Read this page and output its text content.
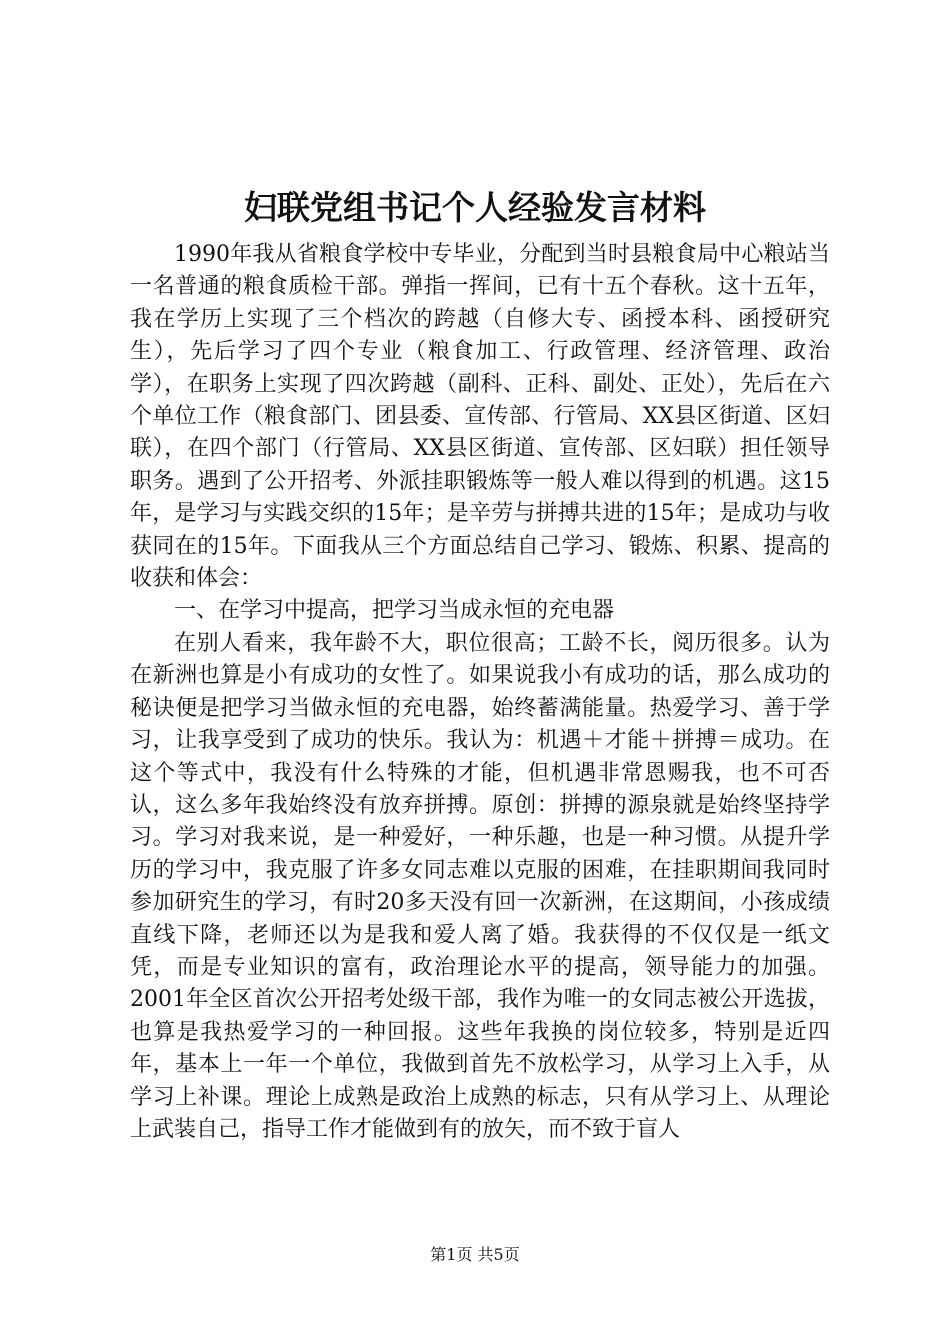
妇联党组书记个人经验发言材料

1990年我从省粮食学校中专毕业，分配到当时县粮食局中心粮站当一名普通的粮食质检干部。弹指一挥间，已有十五个春秋。这十五年，我在学历上实现了三个档次的跨越（自修大专、函授本科、函授研究生），先后学习了四个专业（粮食加工、行政管理、经济管理、政治学），在职务上实现了四次跨越（副科、正科、副处、正处），先后在六个单位工作（粮食部门、团县委、宣传部、行管局、XX县区街道、区妇联），在四个部门（行管局、XX县区街道、宣传部、区妇联）担任领导职务。遇到了公开招考、外派挂职锻炼等一般人难以得到的机遇。这15年，是学习与实践交织的15年；是辛劳与拼搏共进的15年；是成功与收获同在的15年。下面我从三个方面总结自己学习、锻炼、积累、提高的收获和体会：

一、在学习中提高，把学习当成永恒的充电器

在别人看来，我年龄不大，职位很高；工龄不长，阅历很多。认为在新洲也算是小有成功的女性了。如果说我小有成功的话，那么成功的秘诀便是把学习当做永恒的充电器，始终蓄满能量。热爱学习、善于学习，让我享受到了成功的快乐。我认为：机遇＋才能＋拼搏＝成功。在这个等式中，我没有什么特殊的才能，但机遇非常恩赐我，也不可否认，这么多年我始终没有放弃拼搏。原创：拼搏的源泉就是始终坚持学习。学习对我来说，是一种爱好，一种乐趣，也是一种习惯。从提升学历的学习中，我克服了许多女同志难以克服的困难，在挂职期间我同时参加研究生的学习，有时20多天没有回一次新洲，在这期间，小孩成绩直线下降，老师还以为是我和爱人离了婚。我获得的不仅仅是一纸文凭，而是专业知识的富有，政治理论水平的提高，领导能力的加强。2001年全区首次公开招考处级干部，我作为唯一的女同志被公开选拔，也算是我热爱学习的一种回报。这些年我换的岗位较多，特别是近四年，基本上一年一个单位，我做到首先不放松学习，从学习上入手，从学习上补课。理论上成熟是政治上成熟的标志，只有从学习上、从理论上武装自己，指导工作才能做到有的放矢，而不致于盲人

第1页 共5页
